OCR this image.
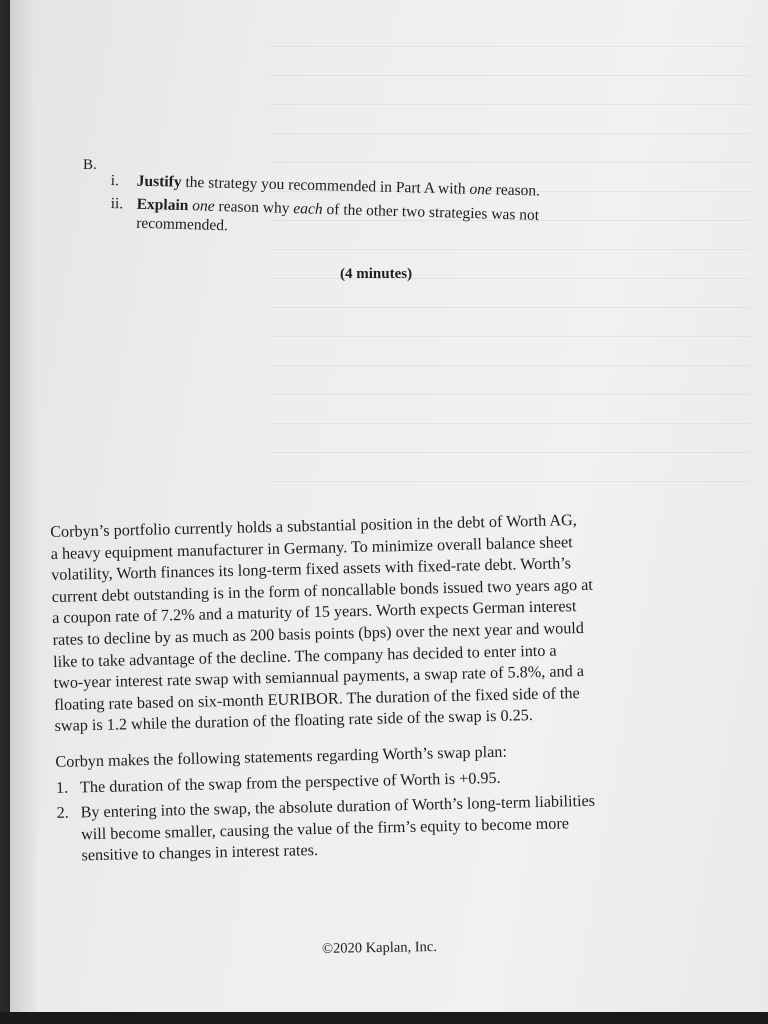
B.
i. Justify the strategy you recommended in Part A with one reason.
ii. Explain one reason why each of the other two strategies was not
recommended.
(4 minutes)

Corbyn’s portfolio currently holds a substantial position in the debt of Worth AG,

a heavy equipment manufacturer in Germany. To minimize overall balance sheet

volatility, Worth finances its long-term fixed assets with fixed-rate debt. Worth’s

current debt outstanding is in the form of noncallable bonds issued two years ago at

a coupon rate of 7.2% and a maturity of 15 years. Worth expects German interest

rates to decline by as much as 200 basis points (bps) over the next year and would

like to take advantage of the decline. The company has decided to enter into a

two-year interest rate swap with semiannual payments, a swap rate of 5.8%, and a

floating rate based on six-month EURIBOR. The duration of the fixed side of the

swap is 1.2 while the duration of the floating rate side of the swap is 0.25.

Corbyn makes the following statements regarding Worth’s swap plan:

1. The duration of the swap from the perspective of Worth is +0.95.

2. By entering into the swap, the absolute duration of Worth’s long-term liabilities

will become smaller, causing the value of the firm’s equity to become more

sensitive to changes in interest rates.

©2020 Kaplan, Inc.
